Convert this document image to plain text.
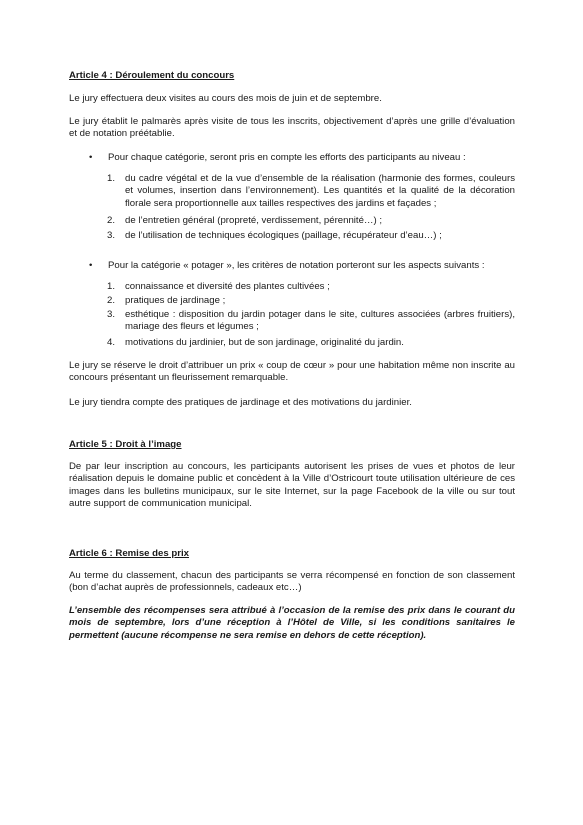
Article 4 : Déroulement du concours
Le jury effectuera deux visites au cours des mois de juin et de septembre.
Le jury établit le palmarès après visite de tous les inscrits, objectivement d’après une grille d’évaluation et de notation préétablie.
•	Pour chaque catégorie, seront pris en compte les efforts des participants au niveau :
1.	du cadre végétal et de la vue d’ensemble de la réalisation (harmonie des formes, couleurs et volumes, insertion dans l’environnement). Les quantités et la qualité de la décoration florale sera proportionnelle aux tailles respectives des jardins et façades ;
2.	de l’entretien général (propreté, verdissement, pérennité…) ;
3.	de l’utilisation de techniques écologiques (paillage, récupérateur d’eau…) ;
•	Pour la catégorie « potager », les critères de notation porteront sur les aspects suivants :
1.	connaissance et diversité des plantes cultivées ;
2.	pratiques de jardinage ;
3.	esthétique : disposition du jardin potager dans le site, cultures associées (arbres fruitiers), mariage des fleurs et légumes ;
4.	motivations du jardinier, but de son jardinage, originalité du jardin.
Le jury se réserve le droit d’attribuer un prix « coup de cœur » pour une habitation même non inscrite au concours présentant un fleurissement remarquable.
Le jury tiendra compte des pratiques de jardinage et des motivations du jardinier.
Article 5 : Droit à l’image
De par leur inscription au concours, les participants autorisent les prises de vues et photos de leur réalisation depuis le domaine public et concèdent à la Ville d’Ostricourt toute utilisation ultérieure de ces images dans les bulletins municipaux, sur le site Internet, sur la page Facebook de la ville ou sur tout autre support de communication municipal.
Article 6 : Remise des prix
Au terme du classement, chacun des participants se verra récompensé en fonction de son classement (bon d’achat auprès de professionnels, cadeaux etc…)
L’ensemble des récompenses sera attribué à l’occasion de la remise des prix dans le courant du mois de septembre, lors d’une réception à l’Hôtel de Ville, si les conditions sanitaires le permettent (aucune récompense ne sera remise en dehors de cette réception).
